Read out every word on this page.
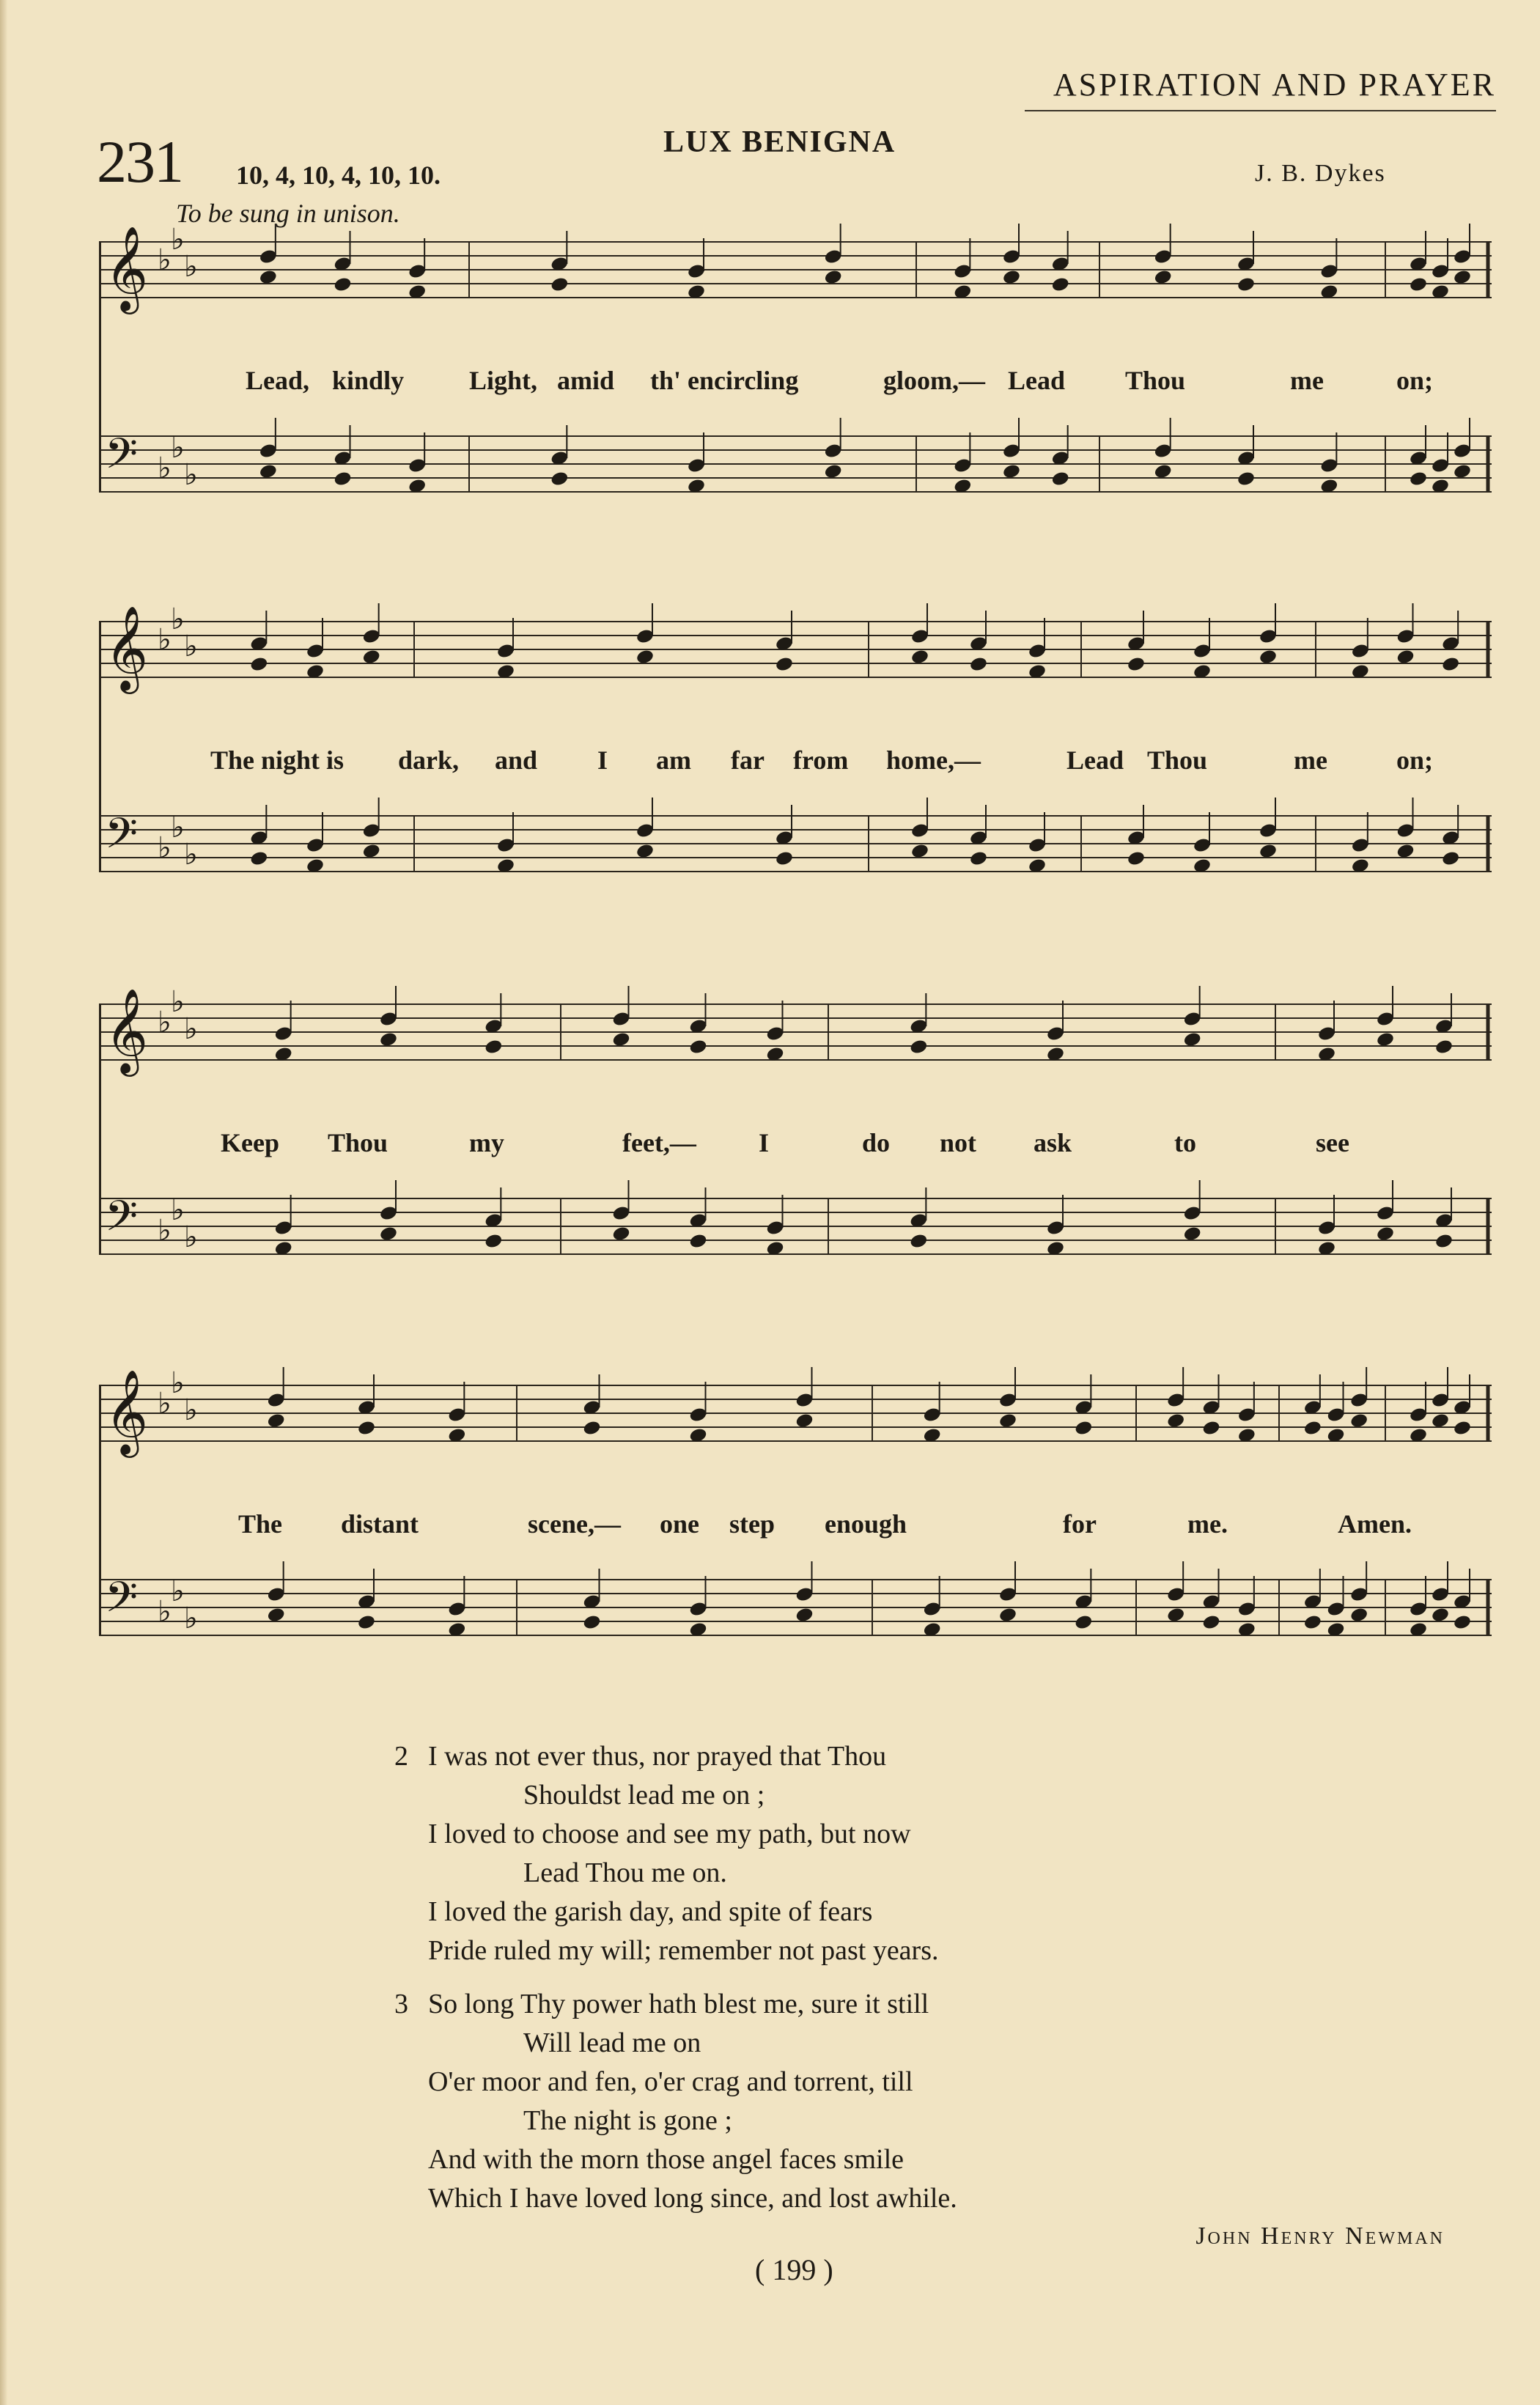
ASPIRATION AND PRAYER
231 10, 4, 10, 4, 10, 10.
LUX BENIGNA
J. B. Dykes
To be sung in unison.
𝄞 ♭
♭
♭
𝄢 ♭
♭
♭
Lead, kindly Light, amid th' encircling	gloom,— Lead Thou	me	on;
𝄞 ♭
♭
♭
𝄢 ♭
♭
♭
The night is dark, and I am far from home,—	Lead Thou	me	on;
𝄞 ♭
♭
♭
𝄢 ♭
♭
♭
Keep Thou	my	feet,— I	do not ask	to	see
𝄞 ♭
♭
♭
𝄢 ♭
♭
♭
The distant	scene,— one step enough	for	me.	Amen.
2 I was not ever thus, nor prayed that Thou
Shouldst lead me on ;
I loved to choose and see my path, but now
Lead Thou me on.
I loved the garish day, and spite of fears
Pride ruled my will; remember not past years.
3 So long Thy power hath blest me, sure it still
Will lead me on
O'er moor and fen, o'er crag and torrent, till
The night is gone ;
And with the morn those angel faces smile
Which I have loved long since, and lost awhile.
John Henry Newman
( 199 )
